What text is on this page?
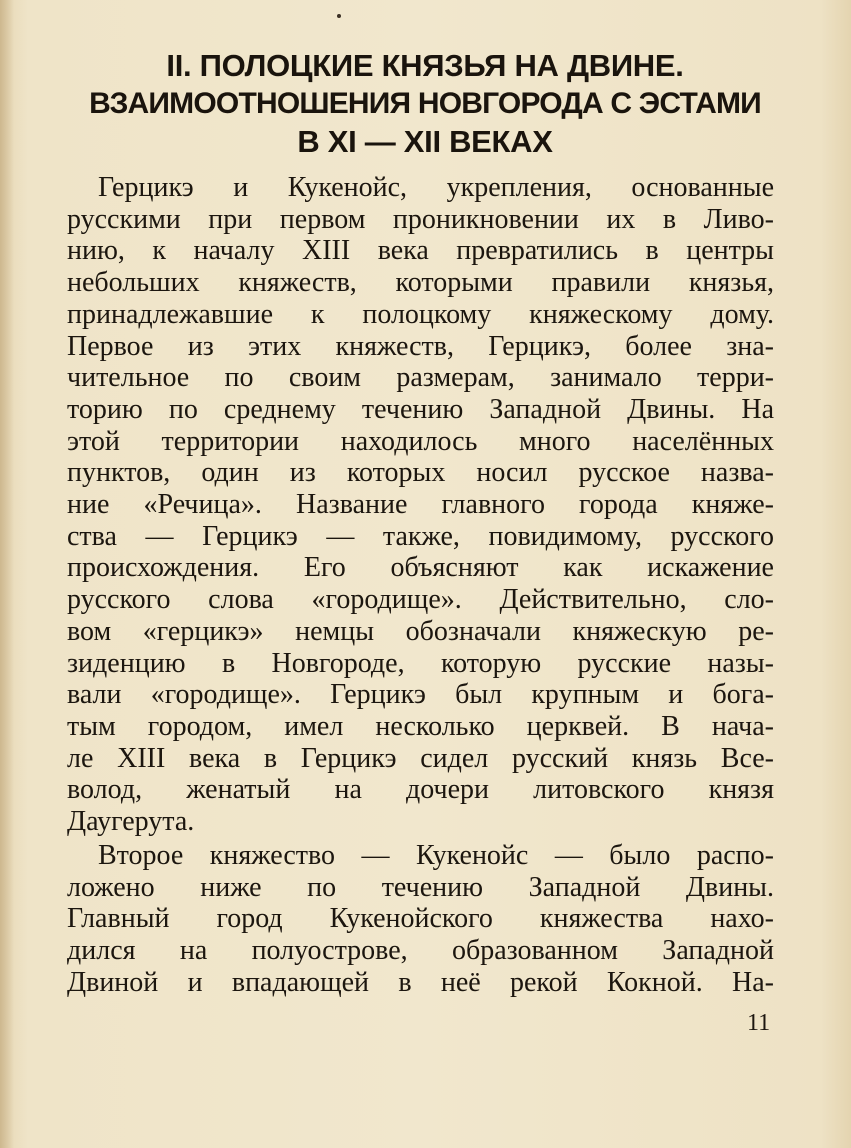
II. ПОЛОЦКИЕ КНЯЗЬЯ НА ДВИНЕ.
ВЗАИМООТНОШЕНИЯ НОВГОРОДА С ЭСТАМИ
В XI — XII ВЕКАХ
Герцикэ и Кукенойс, укрепления, основанные
русскими при первом проникновении их в Ливо-
нию, к началу XIII века превратились в центры
небольших княжеств, которыми правили князья,
принадлежавшие к полоцкому княжескому дому.
Первое из этих княжеств, Герцикэ, более зна-
чительное по своим размерам, занимало терри-
торию по среднему течению Западной Двины. На
этой территории находилось много населённых
пунктов, один из которых носил русское назва-
ние «Речица». Название главного города княже-
ства — Герцикэ — также, повидимому, русского
происхождения. Его объясняют как искажение
русского слова «городище». Действительно, сло-
вом «герцикэ» немцы обозначали княжескую ре-
зиденцию в Новгороде, которую русские назы-
вали «городище». Герцикэ был крупным и бога-
тым городом, имел несколько церквей. В нача-
ле XIII века в Герцикэ сидел русский князь Все-
волод, женатый на дочери литовского князя
Даугерута.
11
Второе княжество — Кукенойс — было распо-
ложено ниже по течению Западной Двины.
Главный город Кукенойского княжества нахо-
дился на полуострове, образованном Западной
Двиной и впадающей в неё рекой Кокной. На-
